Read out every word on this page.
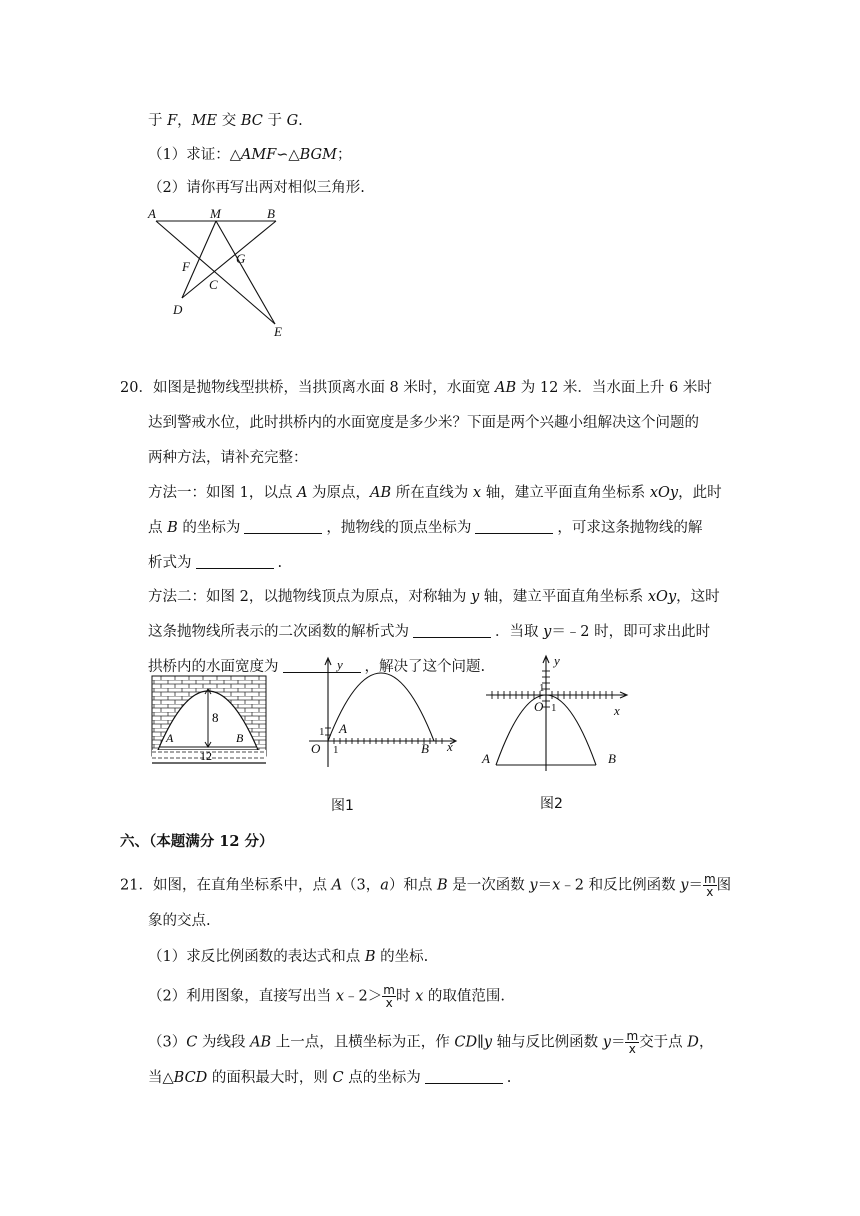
于 F，ME 交 BC 于 G.
（1）求证：△AMF∽△BGM；
（2）请你再写出两对相似三角形.
A	M	B
F
G
C
D
E
20．如图是抛物线型拱桥，当拱顶离水面 8 米时，水面宽 AB 为 12 米．当水面上升 6 米时
达到警戒水位，此时拱桥内的水面宽度是多少米？下面是两个兴趣小组解决这个问题的
两种方法，请补充完整：
方法一：如图 1，以点 A 为原点，AB 所在直线为 x 轴，建立平面直角坐标系 xOy，此时
点 B 的坐标为	，抛物线的顶点坐标为	，可求这条抛物线的解
析式为	.
方法二：如图 2，以抛物线顶点为原点，对称轴为 y 轴，建立平面直角坐标系 xOy，这时
这条抛物线所表示的二次函数的解析式为	．当取 y＝﹣2 时，即可求出此时
拱桥内的水面宽度为	，解决了这个问题.
8
12
A	B
y
x
O
1
1
A
B
y
x
O
1
1
A	B
图1	图2
六、（本题满分 12 分）
21．如图，在直角坐标系中，点 A（3，a）和点 B 是一次函数 y＝x﹣2 和反比例函数 $y= \frac{m}{x}$ 图
象的交点.
（1）求反比例函数的表达式和点 B 的坐标.
（2）利用图象，直接写出当 x﹣2＞ $\frac{m}{x}$ 时 x 的取值范围.
（3）C 为线段 AB 上一点，且横坐标为正，作 CD∥y 轴与反比例函数 $y= \frac{m}{x}$ 交于点 D，
当△BCD 的面积最大时，则 C 点的坐标为	.
